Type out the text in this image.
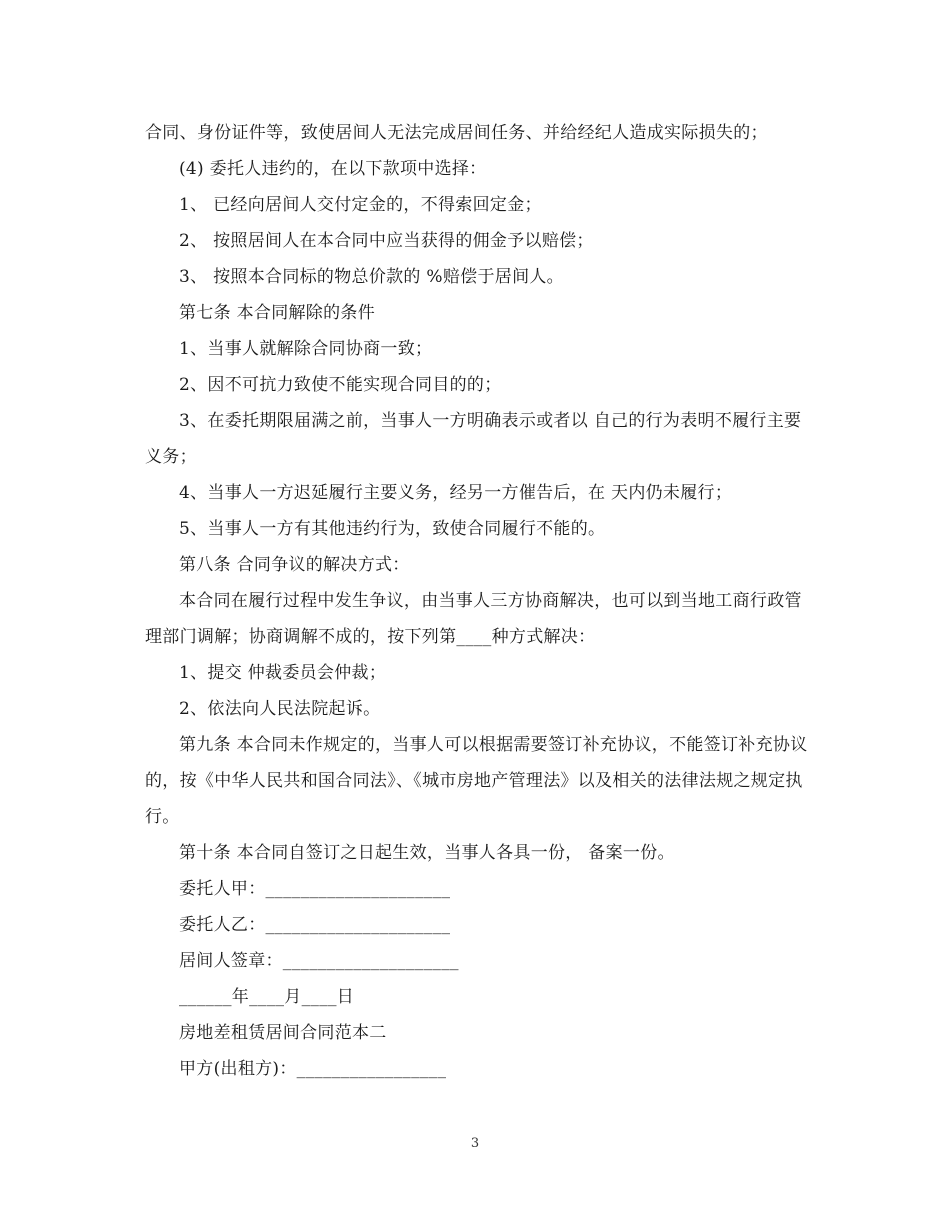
合同、身份证件等，致使居间人无法完成居间任务、并给经纪人造成实际损失的；

(4) 委托人违约的，在以下款项中选择：

1、 已经向居间人交付定金的，不得索回定金；

2、 按照居间人在本合同中应当获得的佣金予以赔偿；

3、 按照本合同标的物总价款的 %赔偿于居间人。

第七条 本合同解除的条件

1、当事人就解除合同协商一致；

2、因不可抗力致使不能实现合同目的的；

3、在委托期限届满之前，当事人一方明确表示或者以 自己的行为表明不履行主要义务；

4、当事人一方迟延履行主要义务，经另一方催告后，在 天内仍未履行；

5、当事人一方有其他违约行为，致使合同履行不能的。

第八条 合同争议的解决方式：

本合同在履行过程中发生争议，由当事人三方协商解决，也可以到当地工商行政管理部门调解；协商调解不成的，按下列第____种方式解决：

1、提交 仲裁委员会仲裁；

2、依法向人民法院起诉。

第九条 本合同未作规定的，当事人可以根据需要签订补充协议，不能签订补充协议的，按《中华人民共和国合同法》、《城市房地产管理法》以及相关的法律法规之规定执行。

第十条 本合同自签订之日起生效，当事人各具一份， 备案一份。

委托人甲：_____________________

委托人乙：_____________________

居间人签章：____________________

______年____月____日

房地差租赁居间合同范本二

甲方(出租方)：_________________

3
